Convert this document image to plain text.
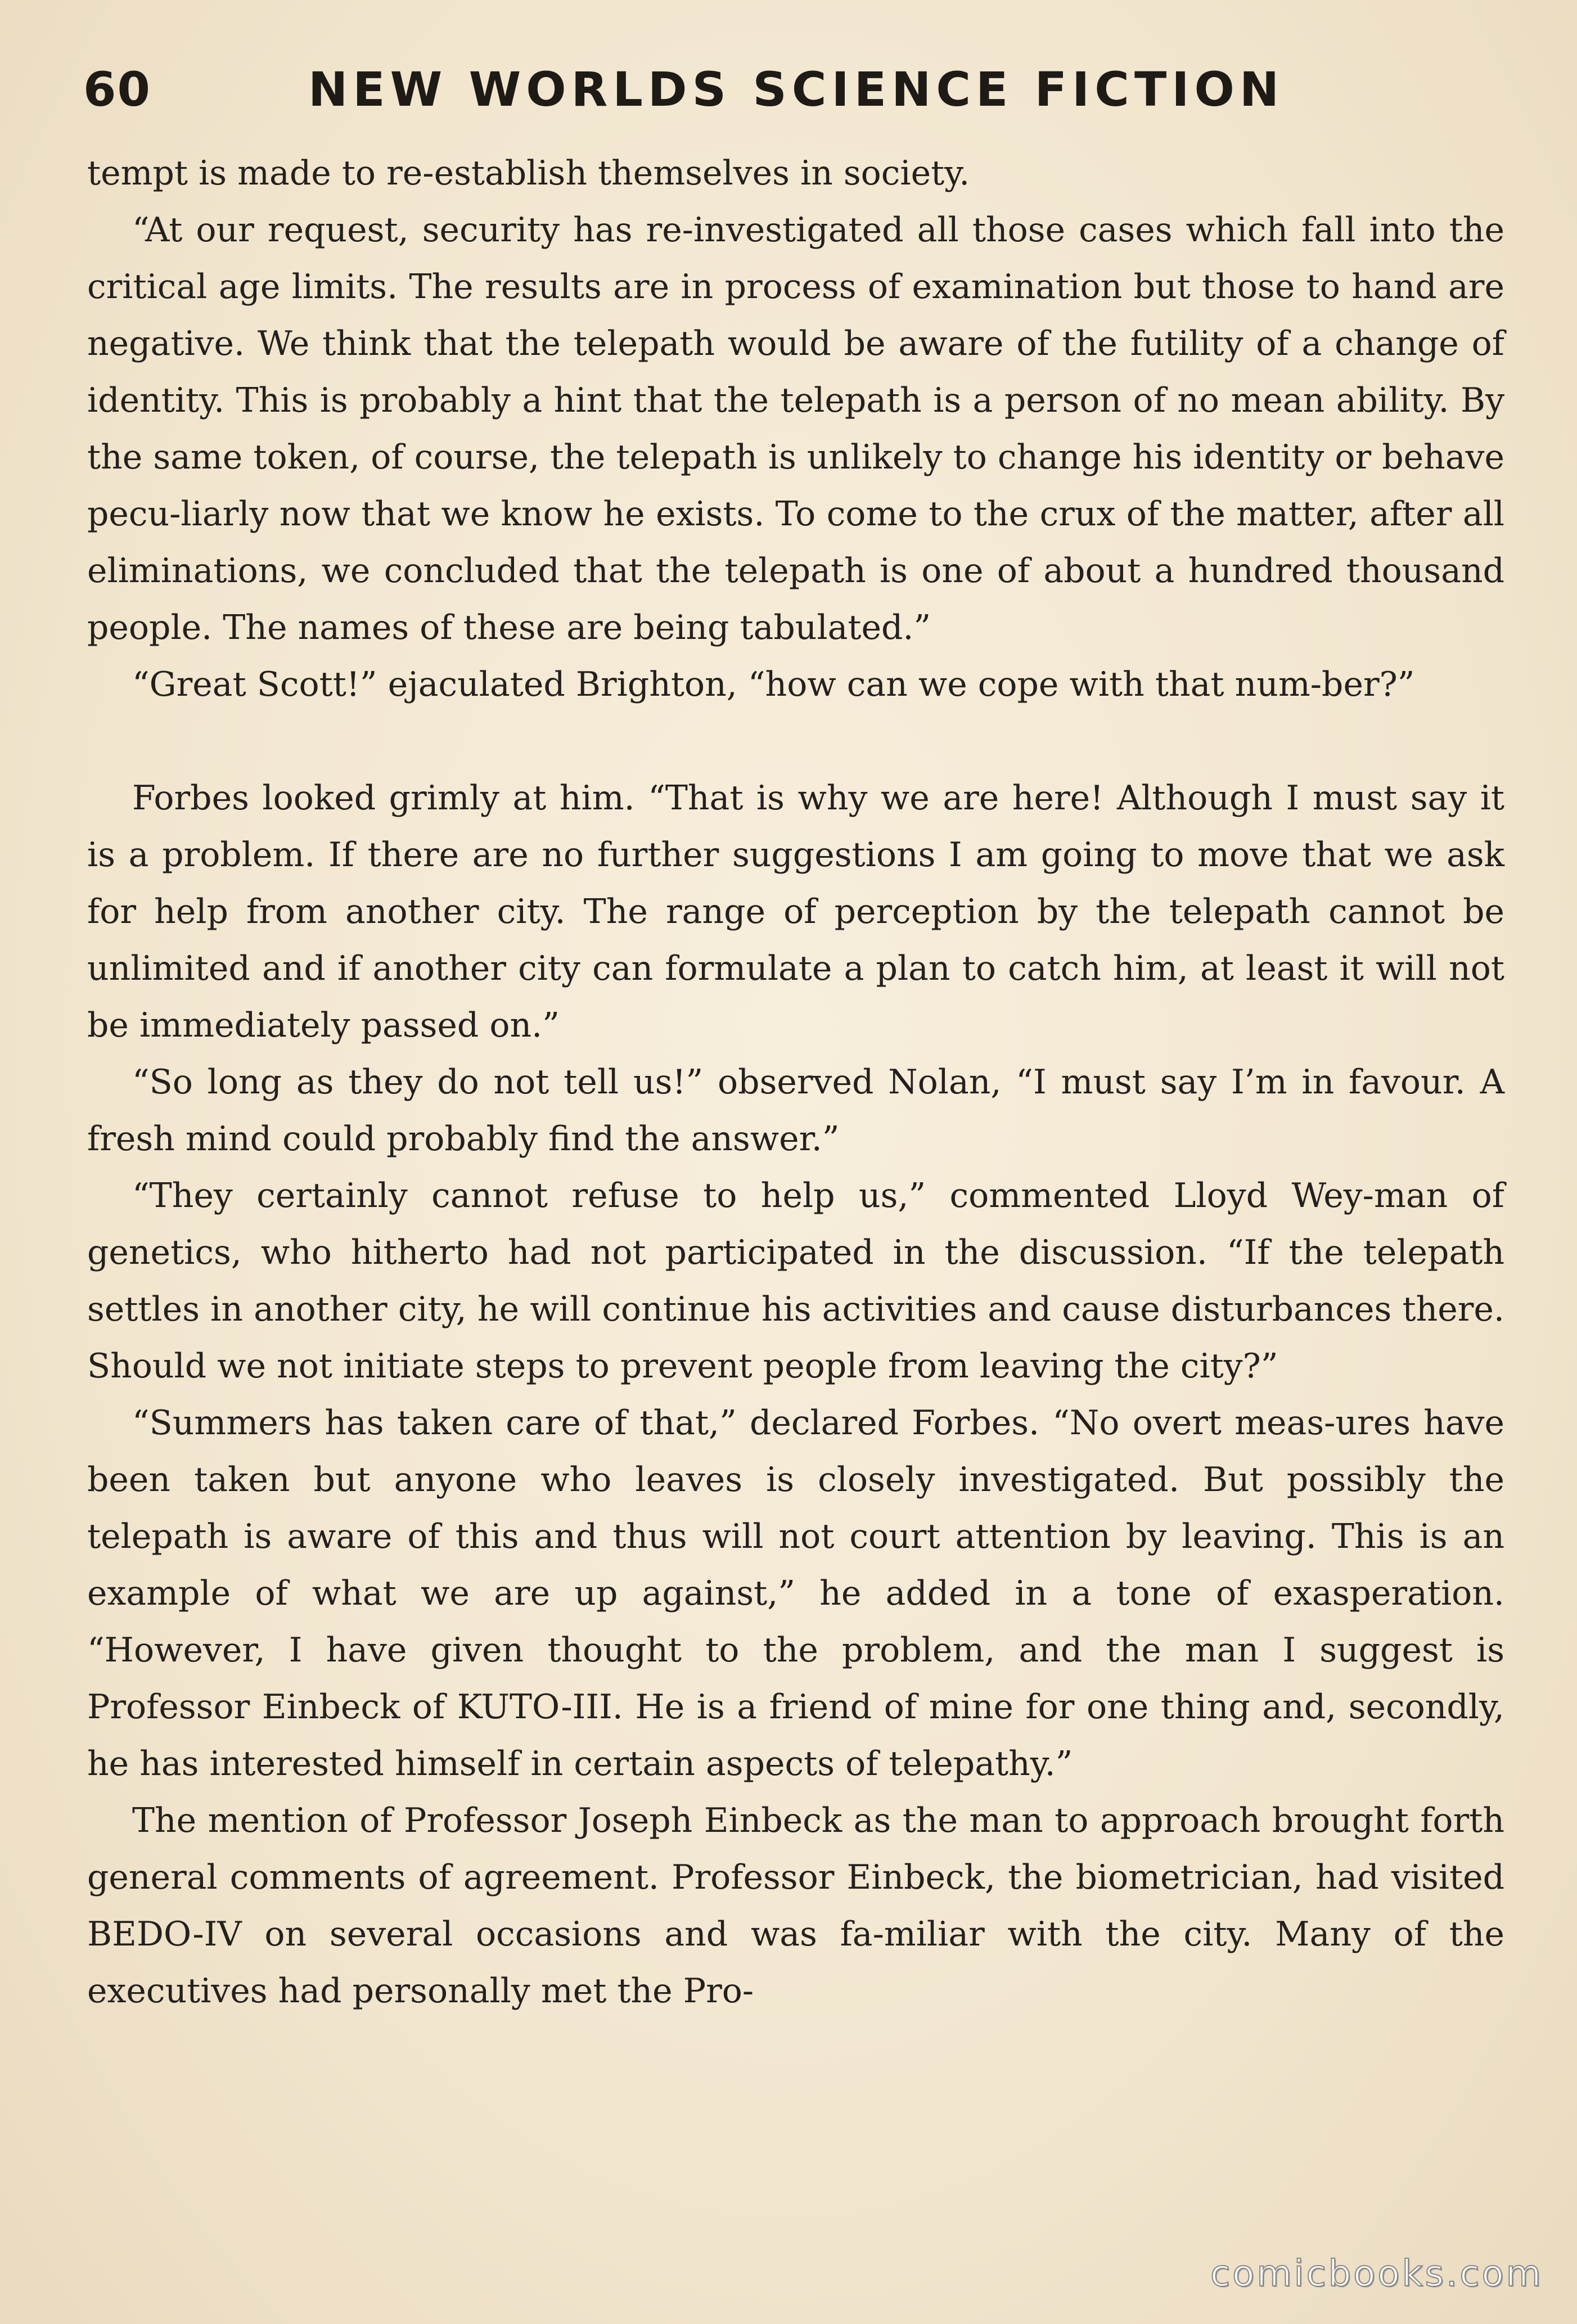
60	NEW WORLDS SCIENCE FICTION

tempt is made to re-establish themselves in society.

“At our request, security has re-investigated all those cases which fall into the critical age limits. The results are in process of examination but those to hand are negative. We think that the telepath would be aware of the futility of a change of identity. This is probably a hint that the telepath is a person of no mean ability. By the same token, of course, the telepath is unlikely to change his identity or behave pecu-liarly now that we know he exists. To come to the crux of the matter, after all eliminations, we concluded that the telepath is one of about a hundred thousand people. The names of these are being tabulated.”

“Great Scott!” ejaculated Brighton, “how can we cope with that num-ber?”

Forbes looked grimly at him. “That is why we are here! Although I must say it is a problem. If there are no further suggestions I am going to move that we ask for help from another city. The range of perception by the telepath cannot be unlimited and if another city can formulate a plan to catch him, at least it will not be immediately passed on.”

“So long as they do not tell us!” observed Nolan, “I must say I’m in favour. A fresh mind could probably find the answer.”

“They certainly cannot refuse to help us,” commented Lloyd Wey-man of genetics, who hitherto had not participated in the discussion. “If the telepath settles in another city, he will continue his activities and cause disturbances there. Should we not initiate steps to prevent people from leaving the city?”

“Summers has taken care of that,” declared Forbes. “No overt meas-ures have been taken but anyone who leaves is closely investigated. But possibly the telepath is aware of this and thus will not court attention by leaving. This is an example of what we are up against,” he added in a tone of exasperation. “However, I have given thought to the problem, and the man I suggest is Professor Einbeck of KUTO-III. He is a friend of mine for one thing and, secondly, he has interested himself in certain aspects of telepathy.”

The mention of Professor Joseph Einbeck as the man to approach brought forth general comments of agreement. Professor Einbeck, the biometrician, had visited BEDO-IV on several occasions and was fa-miliar with the city. Many of the executives had personally met the Pro-

comicbooks.com
